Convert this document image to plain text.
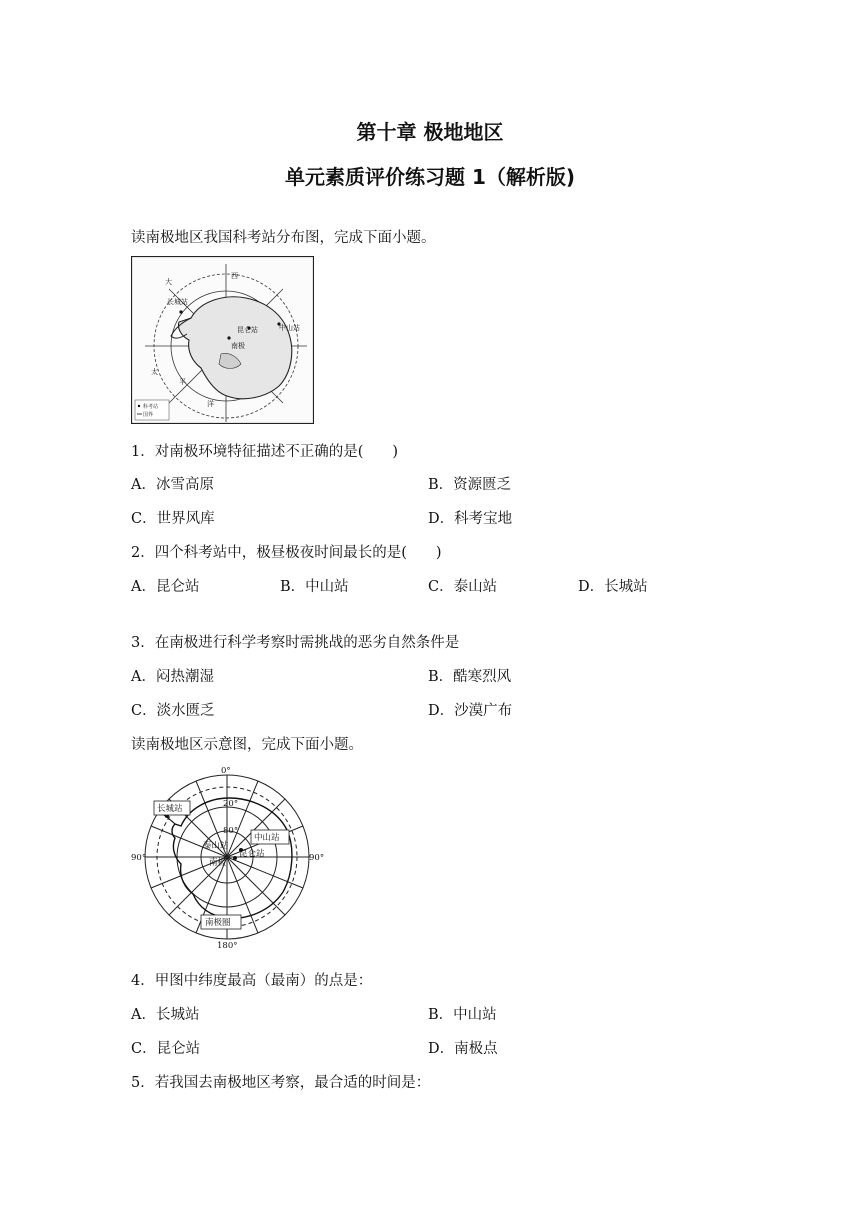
第十章 极地地区
单元素质评价练习题 1（解析版)
读南极地区我国科考站分布图，完成下面小题。
西
大
长城站
昆仑站	中山站
南极
太
平
洋
科考站
国界
1．对南极环境特征描述不正确的是(　　)
A．冰雪高原	B．资源匮乏
C．世界风库	D．科考宝地
2．四个科考站中，极昼极夜时间最长的是(　　)
A．昆仑站	B．中山站	C．泰山站	D．长城站
3．在南极进行科学考察时需挑战的恶劣自然条件是
A．闷热潮湿	B．酷寒烈风
C．淡水匮乏	D．沙漠广布
读南极地区示意图，完成下面小题。
0°
90°	90°
180°
20°
80°
长城站
中山站
泰山站
昆仑站
南极
南极圈
4．甲图中纬度最高（最南）的点是：
A．长城站	B．中山站
C．昆仑站	D．南极点
5．若我国去南极地区考察，最合适的时间是：
